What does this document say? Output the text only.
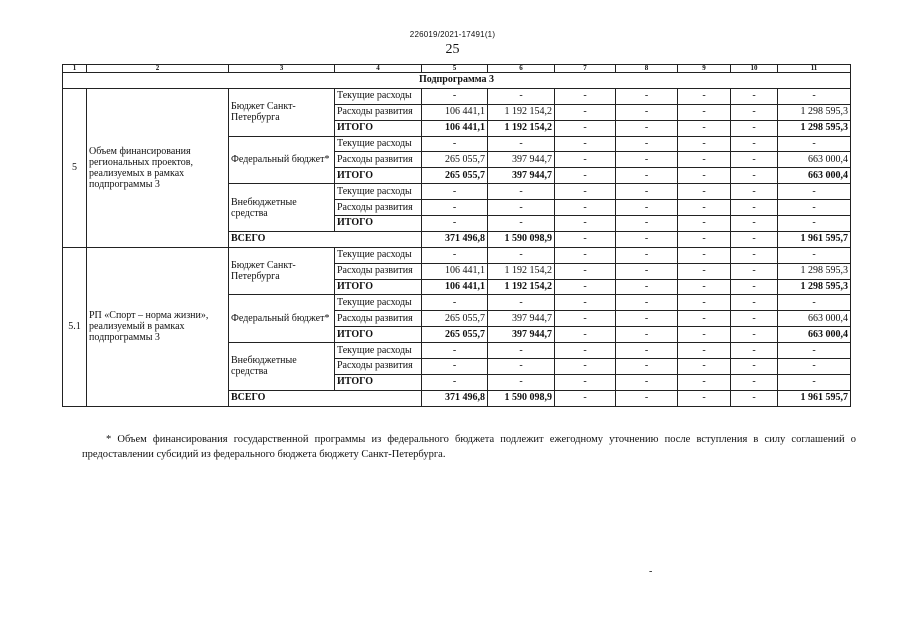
226019/2021-17491(1)
25
1	2	3	4	5	6	7	8	9	10	11
Подпрограмма 3										
5	Объем финансирования региональных проектов, реализуемых в рамках подпрограммы 3	Бюджет Санкт-Петербурга	Текущие расходы	-	-	-	-	-	-	-
			Расходы развития	106 441,1	1 192 154,2	-	-	-	-	1 298 595,3
			ИТОГО	106 441,1	1 192 154,2	-	-	-	-	1 298 595,3
		Федеральный бюджет*	Текущие расходы	-	-	-	-	-	-	-
			Расходы развития	265 055,7	397 944,7	-	-	-	-	663 000,4
			ИТОГО	265 055,7	397 944,7	-	-	-	-	663 000,4
		Внебюджетные средства	Текущие расходы	-	-	-	-	-	-	-
			Расходы развития	-	-	-	-	-	-	-
			ИТОГО	-	-	-	-	-	-	-
		ВСЕГО		371 496,8	1 590 098,9	-	-	-	-	1 961 595,7
5.1	РП «Спорт – норма жизни», реализуемый в рамках подпрограммы 3	Бюджет Санкт-Петербурга	Текущие расходы	-	-	-	-	-	-	-
			Расходы развития	106 441,1	1 192 154,2	-	-	-	-	1 298 595,3
			ИТОГО	106 441,1	1 192 154,2	-	-	-	-	1 298 595,3
		Федеральный бюджет*	Текущие расходы	-	-	-	-	-	-	-
			Расходы развития	265 055,7	397 944,7	-	-	-	-	663 000,4
			ИТОГО	265 055,7	397 944,7	-	-	-	-	663 000,4
		Внебюджетные средства	Текущие расходы	-	-	-	-	-	-	-
			Расходы развития	-	-	-	-	-	-	-
			ИТОГО	-	-	-	-	-	-	-
		ВСЕГО		371 496,8	1 590 098,9	-	-	-	-	1 961 595,7
* Объем финансирования государственной программы из федерального бюджета подлежит ежегодному уточнению после вступления в силу соглашений о предоставлении субсидий из федерального бюджета бюджету Санкт-Петербурга.
-
